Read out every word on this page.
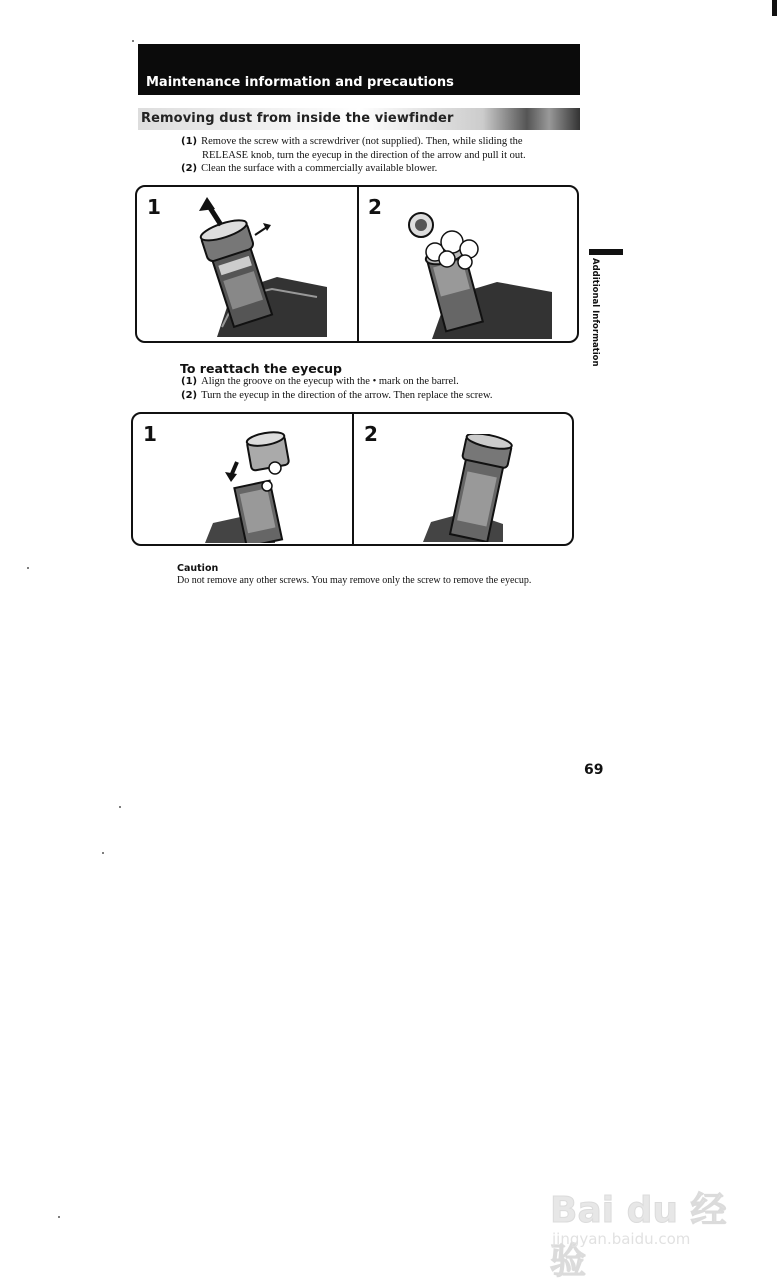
Maintenance information and precautions
Removing dust from inside the viewfinder
(1) Remove the screw with a screwdriver (not supplied). Then, while sliding the
RELEASE knob, turn the eyecup in the direction of the arrow and pull it out.
(2) Clean the surface with a commercially available blower.
1	2
Additional Information
To reattach the eyecup
(1) Align the groove on the eyecup with the • mark on the barrel.
(2) Turn the eyecup in the direction of the arrow. Then replace the screw.
1	2
Caution
Do not remove any other screws. You may remove only the screw to remove the eyecup.
69
Bai du 经验
jingyan.baidu.com
